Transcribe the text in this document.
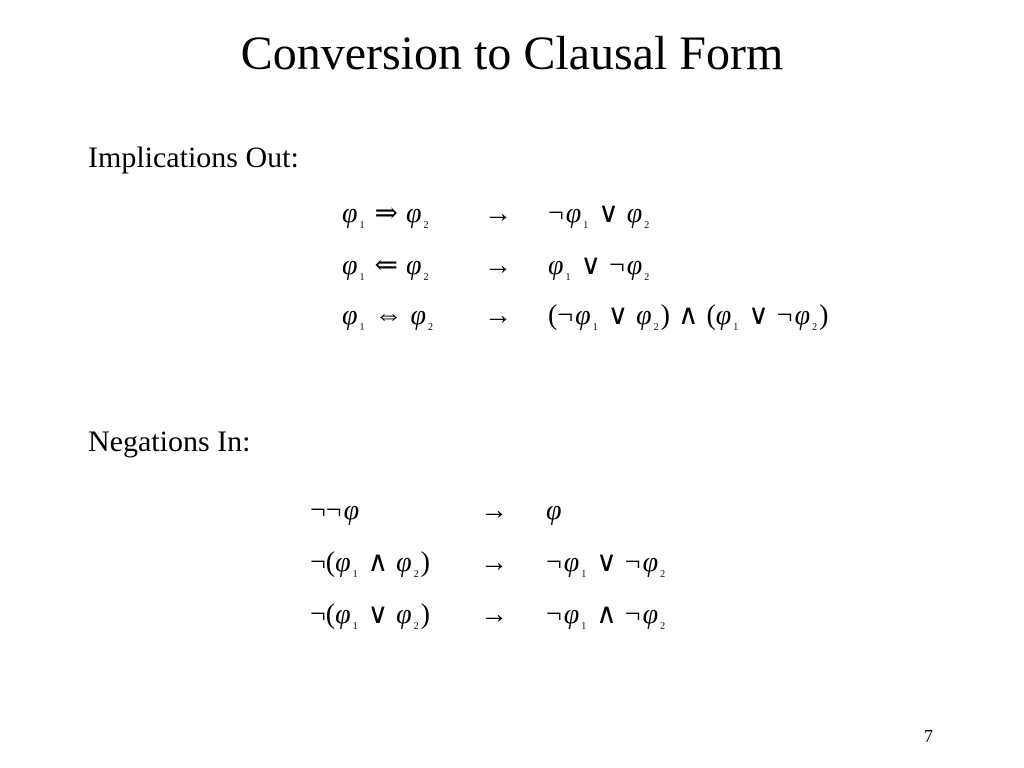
Conversion to Clausal Form
Implications Out:
φ $_1$ ⇒ φ $_2$ → ¬φ $_1$ ∨ φ $_2$
φ $_1$ ⇐ φ $_2$ → φ $_1$ ∨ ¬φ $_2$
φ $_1$ ⇔ φ $_2$ → (¬φ $_1$ ∨ φ $_2$) ∧ (φ $_1$ ∨ ¬φ $_2$)
Negations In:
¬¬φ	→ φ
¬(φ $_1$ ∧ φ $_2$) → ¬φ $_1$ ∨ ¬φ $_2$
¬(φ $_1$ ∨ φ $_2$) → ¬φ $_1$ ∧ ¬φ $_2$
7
